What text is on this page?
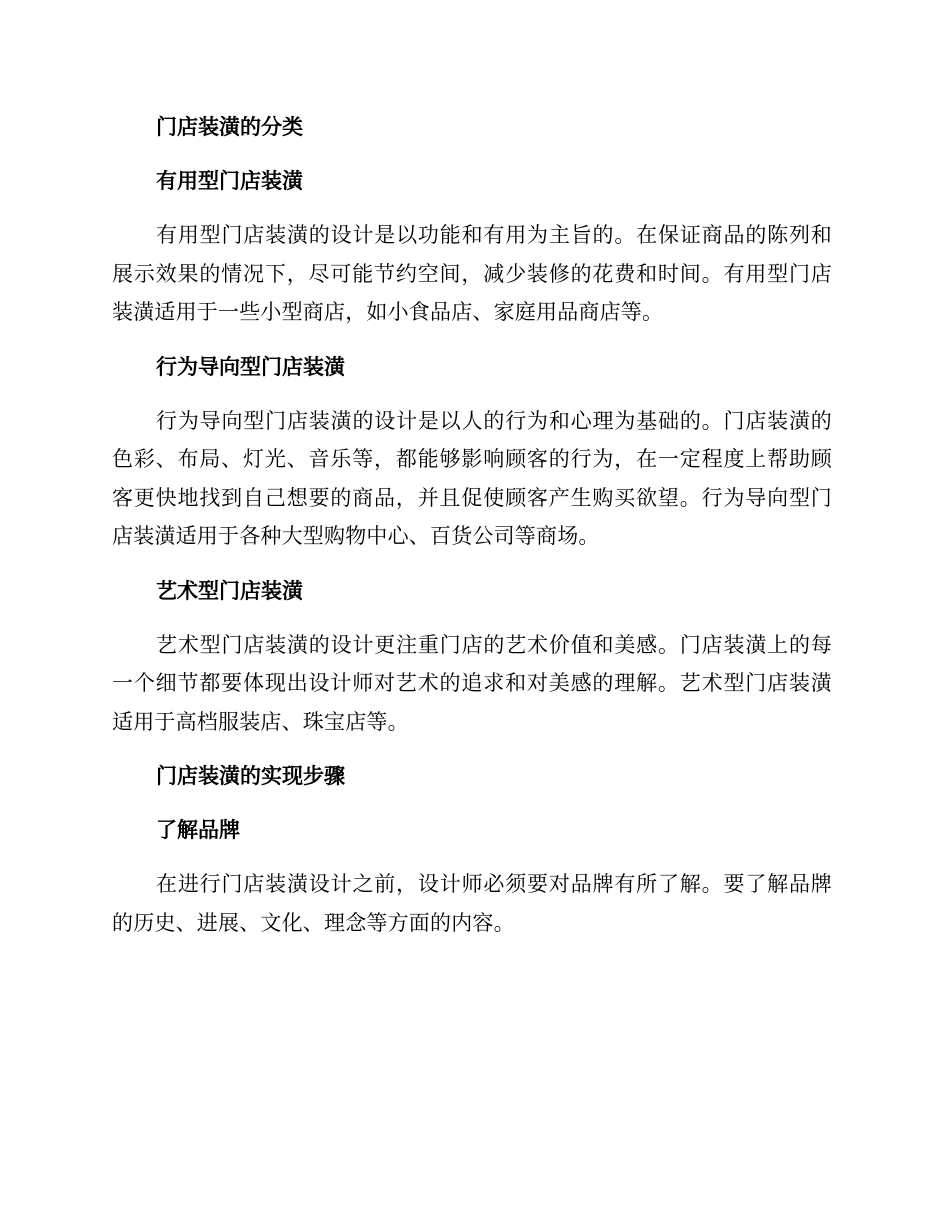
门店装潢的分类
有用型门店装潢

有用型门店装潢的设计是以功能和有用为主旨的。在保证商品的陈列和展示效果的情况下，尽可能节约空间，减少装修的花费和时间。有用型门店装潢适用于一些小型商店，如小食品店、家庭用品商店等。

行为导向型门店装潢

行为导向型门店装潢的设计是以人的行为和心理为基础的。门店装潢的色彩、布局、灯光、音乐等，都能够影响顾客的行为，在一定程度上帮助顾客更快地找到自己想要的商品，并且促使顾客产生购买欲望。行为导向型门店装潢适用于各种大型购物中心、百货公司等商场。

艺术型门店装潢

艺术型门店装潢的设计更注重门店的艺术价值和美感。门店装潢上的每一个细节都要体现出设计师对艺术的追求和对美感的理解。艺术型门店装潢适用于高档服装店、珠宝店等。

门店装潢的实现步骤
了解品牌

在进行门店装潢设计之前，设计师必须要对品牌有所了解。要了解品牌的历史、进展、文化、理念等方面的内容。
